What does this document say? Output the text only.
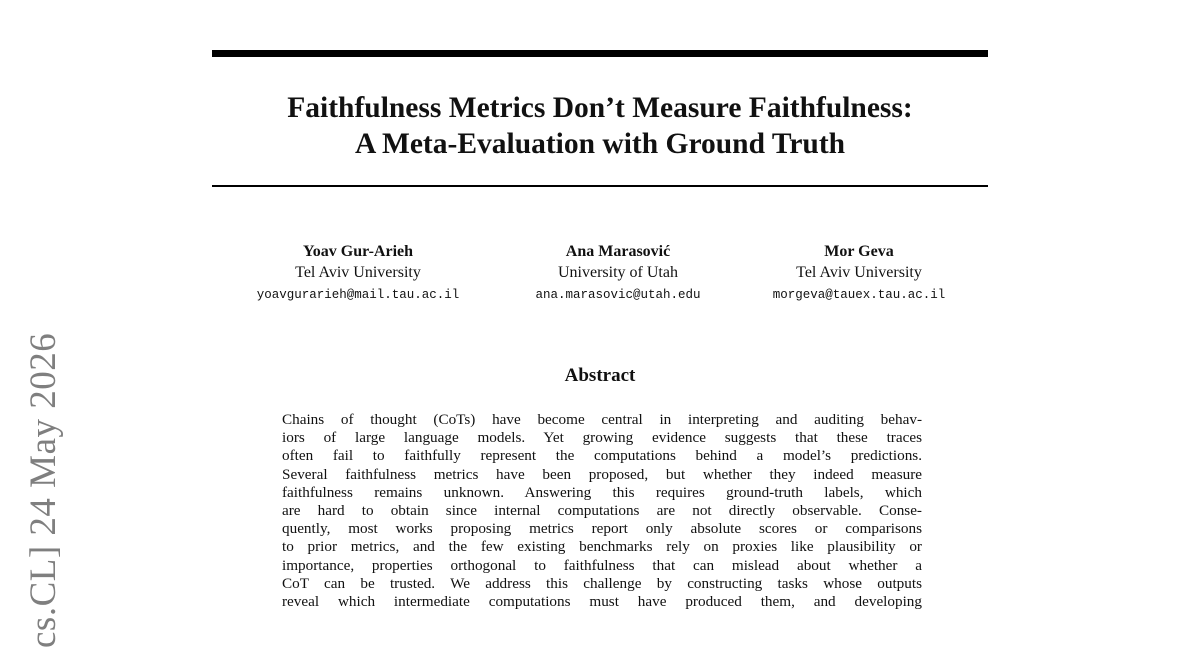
cs.CL] 24 May 2026
Faithfulness Metrics Don’t Measure Faithfulness:
A Meta-Evaluation with Ground Truth
Yoav Gur-Arieh
Tel Aviv University
yoavgurarieh@mail.tau.ac.il
Ana Marasović
University of Utah
ana.marasovic@utah.edu
Mor Geva
Tel Aviv University
morgeva@tauex.tau.ac.il
Abstract
Chains of thought (CoTs) have become central in interpreting and auditing behav-
iors of large language models. Yet growing evidence suggests that these traces
often fail to faithfully represent the computations behind a model’s predictions.
Several faithfulness metrics have been proposed, but whether they indeed measure
faithfulness remains unknown. Answering this requires ground-truth labels, which
are hard to obtain since internal computations are not directly observable. Conse-
quently, most works proposing metrics report only absolute scores or comparisons
to prior metrics, and the few existing benchmarks rely on proxies like plausibility or
importance, properties orthogonal to faithfulness that can mislead about whether a
CoT can be trusted. We address this challenge by constructing tasks whose outputs
reveal which intermediate computations must have produced them, and developing
